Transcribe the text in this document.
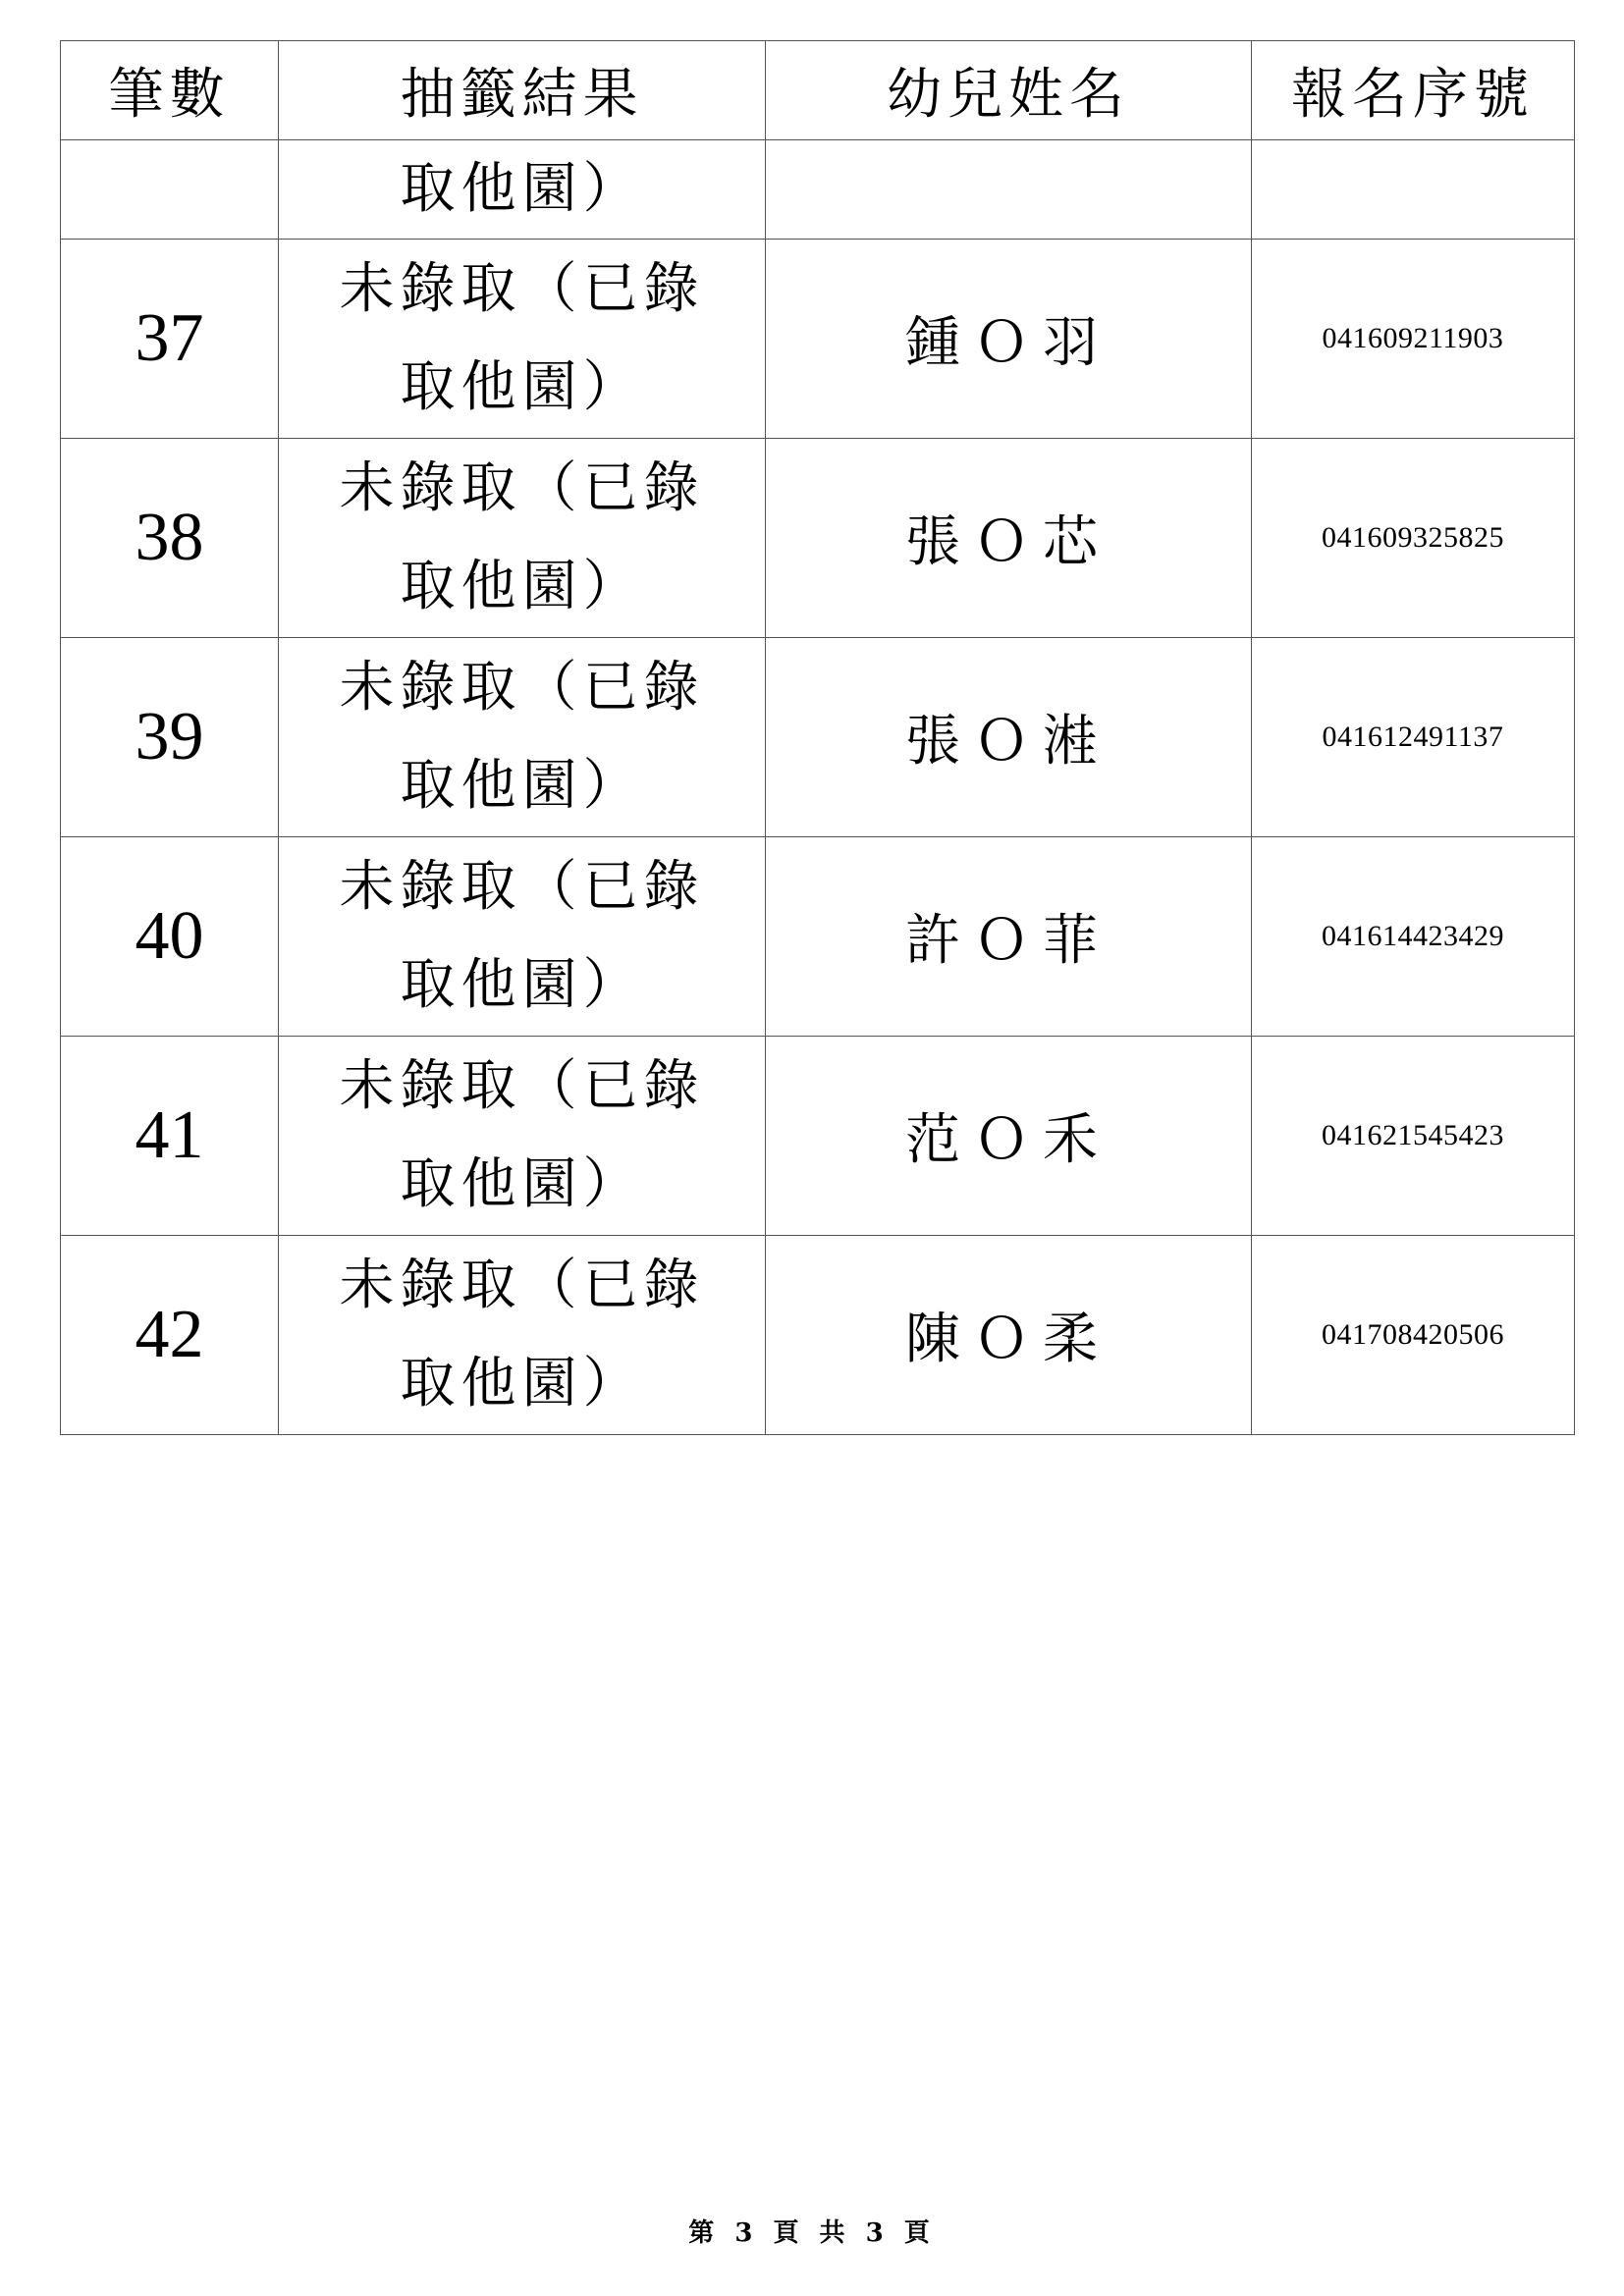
筆數	抽籤結果	幼兒姓名	報名序號

	取他園）		

37	未錄取（已錄
取他園）	鍾Ｏ羽	041609211903
38	未錄取（已錄
取他園）	張Ｏ芯	041609325825
39	未錄取（已錄
取他園）	張Ｏ溎	041612491137
40	未錄取（已錄
取他園）	許Ｏ菲	041614423429
41	未錄取（已錄
取他園）	范Ｏ禾	041621545423
42	未錄取（已錄
取他園）	陳Ｏ柔	041708420506
第 3 頁 共 3 頁
